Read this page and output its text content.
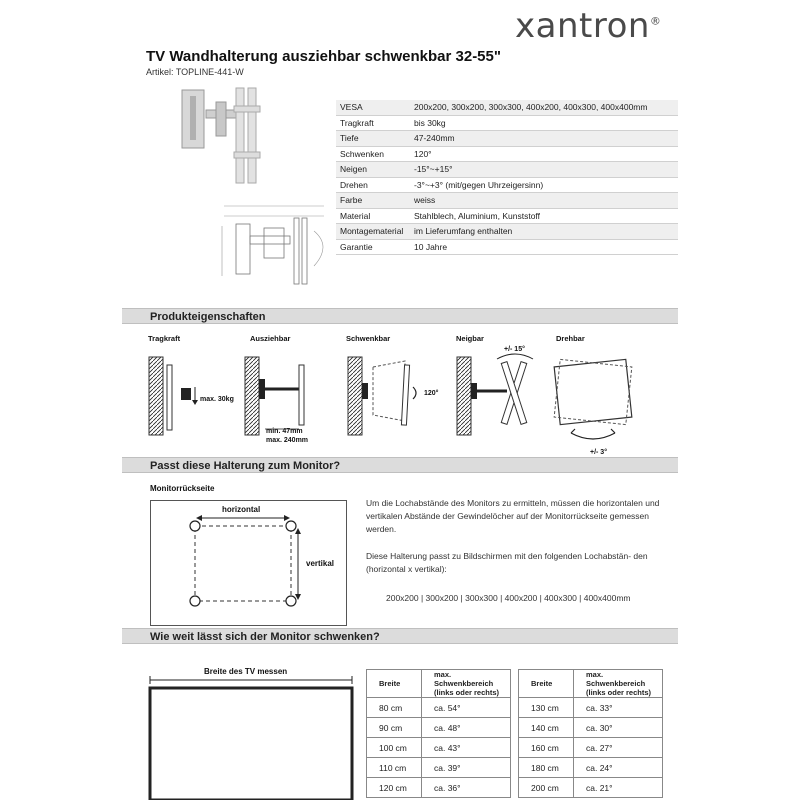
xantron®
TV Wandhalterung ausziehbar schwenkbar 32-55"
Artikel: TOPLINE-441-W
VESA	200x200, 300x200, 300x300, 400x200, 400x300, 400x400mm
Tragkraft	bis 30kg
Tiefe	47-240mm
Schwenken	120°
Neigen	-15°~+15°
Drehen	-3°~+3° (mit/gegen Uhrzeigersinn)
Farbe	weiss
Material	Stahlblech, Aluminium, Kunststoff
Montagematerial	im Lieferumfang enthalten
Garantie	10 Jahre
Produkteigenschaften
Tragkraft	Ausziehbar	Schwenkbar	Neigbar	Drehbar
max. 30kg
min. 47mm
max. 240mm
120°
+/- 15°
+/- 3°
Passt diese Halterung zum Monitor?
Monitorrückseite
horizontal
vertikal
Um die Lochabstände des Monitors zu ermitteln, müssen die horizontalen und vertikalen Abstände der Gewindelöcher auf der Monitorrückseite gemessen werden.
Diese Halterung passt zu Bildschirmen mit den folgenden Lochabstän- den (horizontal x vertikal):
200x200 | 300x200 | 300x300 | 400x200 | 400x300 | 400x400mm
Wie weit lässt sich der Monitor schwenken?
Breite des TV messen
Breite	max. Schwenkbereich (links oder rechts)
80 cm	ca. 54°
90 cm	ca. 48°
100 cm	ca. 43°
110 cm	ca. 39°
120 cm	ca. 36°
Breite	max. Schwenkbereich (links oder rechts)
130 cm	ca. 33°
140 cm	ca. 30°
160 cm	ca. 27°
180 cm	ca. 24°
200 cm	ca. 21°
